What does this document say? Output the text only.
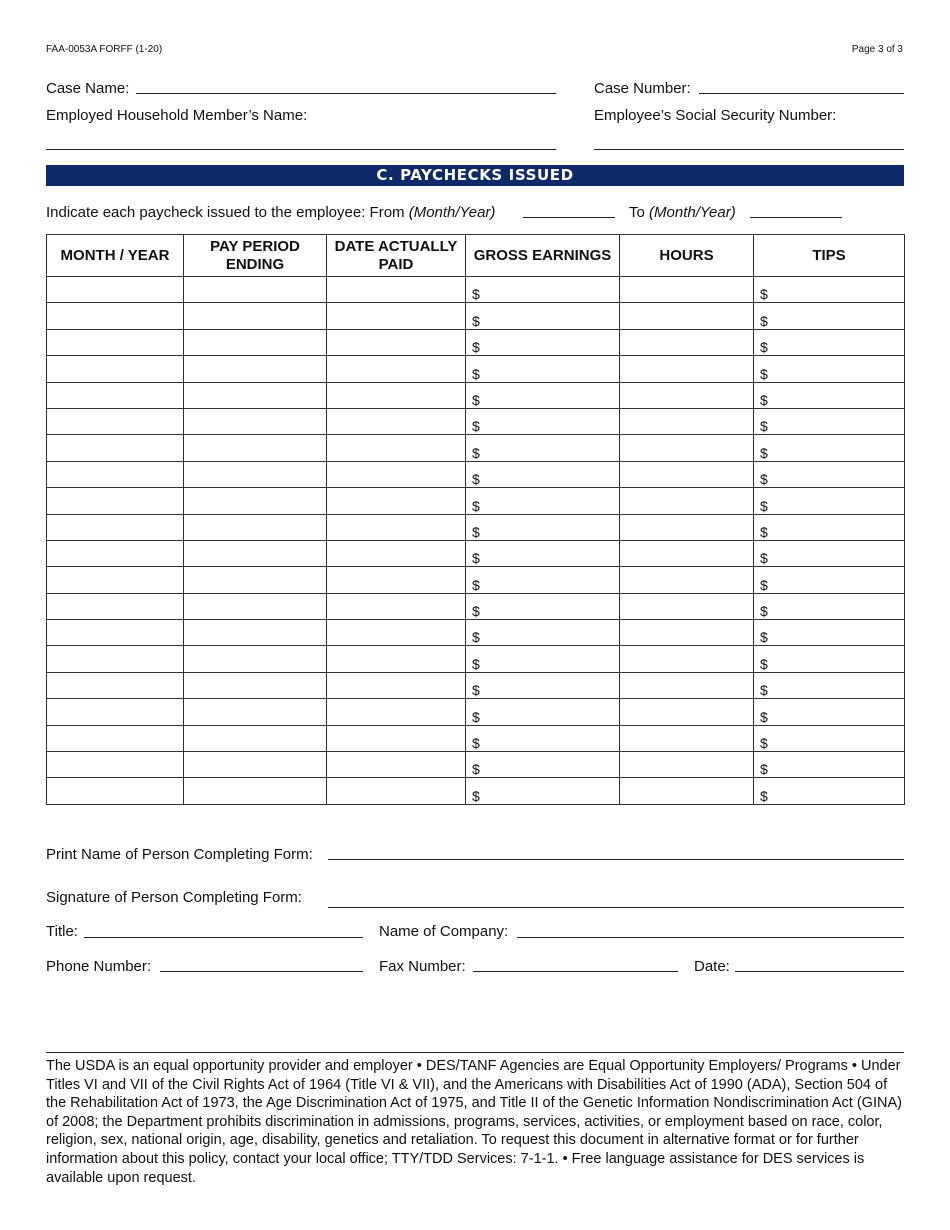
FAA-0053A FORFF (1-20)	Page 3 of 3
Case Name:	Case Number:
Employed Household Member’s Name:	Employee’s Social Security Number:
C. PAYCHECKS ISSUED
Indicate each paycheck issued to the employee: From (Month/Year)	To (Month/Year)
MONTH / YEAR	PAY PERIOD ENDING	DATE ACTUALLY PAID	GROSS EARNINGS	HOURS	TIPS
			$		$
			$		$
			$		$
			$		$
			$		$
			$		$
			$		$
			$		$
			$		$
			$		$
			$		$
			$		$
			$		$
			$		$
			$		$
			$		$
			$		$
			$		$
			$		$
			$		$
Print Name of Person Completing Form:
Signature of Person Completing Form:
Title:	Name of Company:
Phone Number:	Fax Number:	Date:
The USDA is an equal opportunity provider and employer • DES/TANF Agencies are Equal Opportunity Employers/ Programs • Under Titles VI and VII of the Civil Rights Act of 1964 (Title VI & VII), and the Americans with Disabilities Act of 1990 (ADA), Section 504 of the Rehabilitation Act of 1973, the Age Discrimination Act of 1975, and Title II of the Genetic Information Nondiscrimination Act (GINA) of 2008; the Department prohibits discrimination in admissions, programs, services, activities, or employment based on race, color, religion, sex, national origin, age, disability, genetics and retaliation. To request this document in alternative format or for further information about this policy, contact your local office; TTY/TDD Services: 7-1-1. • Free language assistance for DES services is available upon request.
